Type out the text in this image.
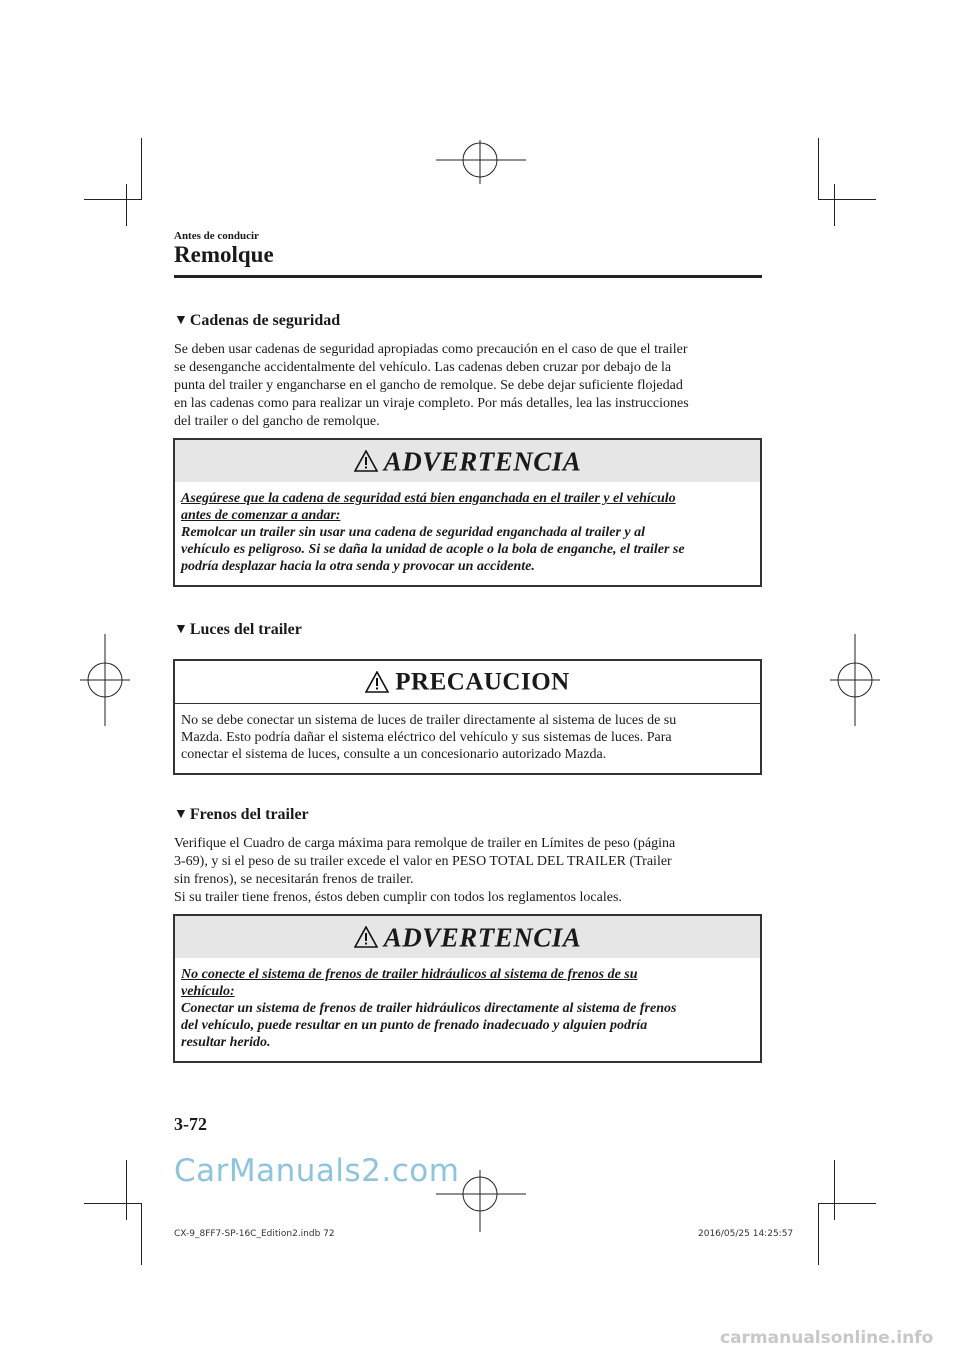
Antes de conducir
Remolque
▼ Cadenas de seguridad

Se deben usar cadenas de seguridad apropiadas como precaución en el caso de que el trailer

se desenganche accidentalmente del vehículo. Las cadenas deben cruzar por debajo de la

punta del trailer y engancharse en el gancho de remolque. Se debe dejar suficiente flojedad

en las cadenas como para realizar un viraje completo. Por más detalles, lea las instrucciones

del trailer o del gancho de remolque.

ADVERTENCIA

Asegúrese que la cadena de seguridad está bien enganchada en el trailer y el vehículo

antes de comenzar a andar:

Remolcar un trailer sin usar una cadena de seguridad enganchada al trailer y al

vehículo es peligroso. Si se daña la unidad de acople o la bola de enganche, el trailer se

podría desplazar hacia la otra senda y provocar un accidente.

▼ Luces del trailer
PRECAUCION

No se debe conectar un sistema de luces de trailer directamente al sistema de luces de su

Mazda. Esto podría dañar el sistema eléctrico del vehículo y sus sistemas de luces. Para

conectar el sistema de luces, consulte a un concesionario autorizado Mazda.

▼ Frenos del trailer

Verifique el Cuadro de carga máxima para remolque de trailer en Límites de peso (página

3-69), y si el peso de su trailer excede el valor en PESO TOTAL DEL TRAILER (Trailer

sin frenos), se necesitarán frenos de trailer.

Si su trailer tiene frenos, éstos deben cumplir con todos los reglamentos locales.

ADVERTENCIA

No conecte el sistema de frenos de trailer hidráulicos al sistema de frenos de su

vehículo:

Conectar un sistema de frenos de trailer hidráulicos directamente al sistema de frenos

del vehículo, puede resultar en un punto de frenado inadecuado y alguien podría

resultar herido.

3-72
CarManuals2.com
CX-9_8FF7-SP-16C_Edition2.indb 72	2016/05/25 14:25:57
carmanualsonline.info
